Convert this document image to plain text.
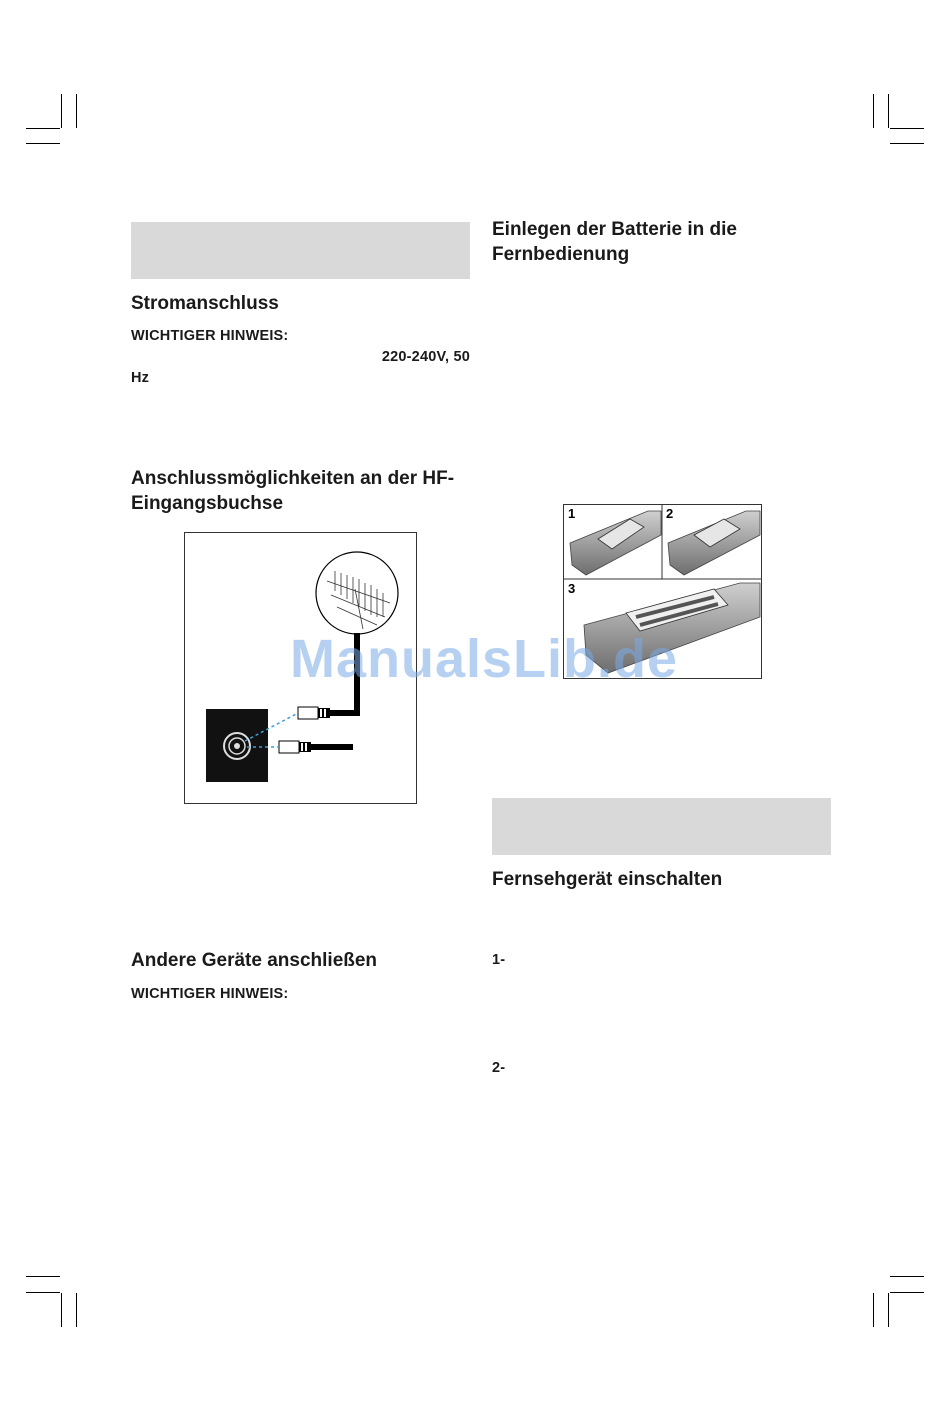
Stromanschluss
WICHTIGER HINWEIS:
220-240V, 50
Hz
Anschlussmöglichkeiten an der HF-
Eingangsbuchse
Andere Geräte anschließen
WICHTIGER HINWEIS:
Einlegen der Batterie in die
Fernbedienung
1	2
3
Fernsehgerät einschalten
1-
2-
ManualsLib.de
